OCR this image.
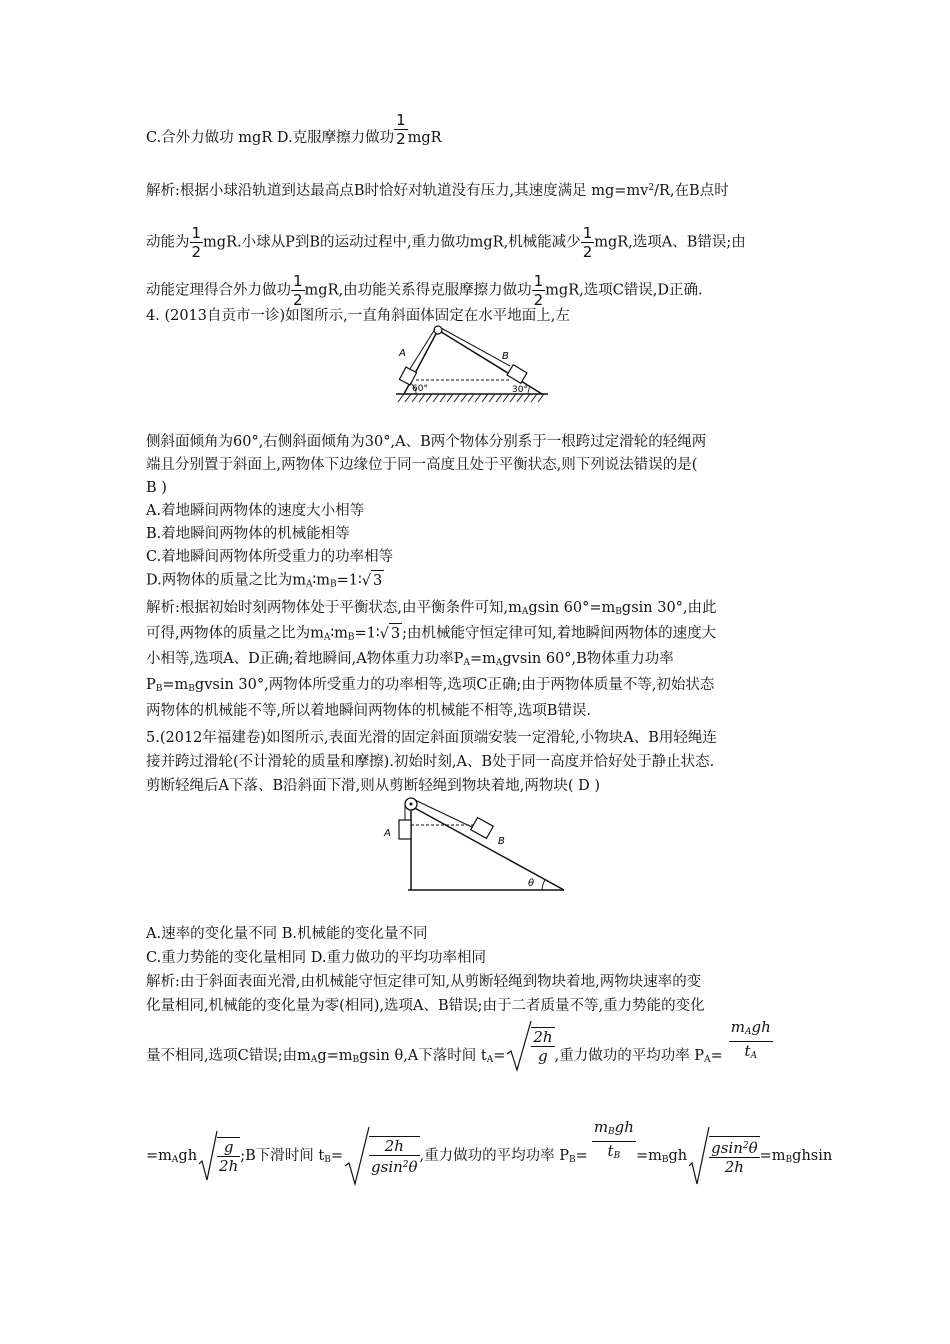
C.合外力做功 mgR D.克服摩擦力做功 $\frac{1}{2}$ mgR
解析:根据小球沿轨道到达最高点B时恰好对轨道没有压力,其速度满足 $mg=mv^2/R$,在B点时
动能为 $\frac{1}{2}$ mgR.小球从P到B的运动过程中,重力做功mgR,机械能减少 $\frac{1}{2}$ mgR,选项A、B错误;由
动能定理得合外力做功 $\frac{1}{2}$ mgR,由功能关系得克服摩擦力做功 $\frac{1}{2}$ mgR,选项C错误,D正确.
4. (2013自贡市一诊)如图所示,一直角斜面体固定在水平地面上,左
A	B
60°	30°
侧斜面倾角为60°,右侧斜面倾角为30°,A、B两个物体分别系于一根跨过定滑轮的轻绳两
端且分别置于斜面上,两物体下边缘位于同一高度且处于平衡状态,则下列说法错误的是(
B )
A.着地瞬间两物体的速度大小相等
B.着地瞬间两物体的机械能相等
C.着地瞬间两物体所受重力的功率相等
D.两物体的质量之比为$m_A∶m_B=1∶√$ 3
解析:根据初始时刻两物体处于平衡状态,由平衡条件可知$,m_Agsin$ $60^\circ=m_Bgsin$ 30°,由此
可得,两物体的质量之比为$m_A∶m_B=1∶√$ 3 ;由机械能守恒定律可知,着地瞬间两物体的速度大
小相等,选项A、D正确;着地瞬间,A物体重力功率$P_A=m_Agvsin$ 60°,B物体重力功率
$P_B=m_Bgvsin$ 30°,两物体所受重力的功率相等,选项C正确;由于两物体质量不等,初始状态
两物体的机械能不等,所以着地瞬间两物体的机械能不相等,选项B错误.
5.(2012年福建卷)如图所示,表面光滑的固定斜面顶端安装一定滑轮,小物块A、B用轻绳连
接并跨过滑轮(不计滑轮的质量和摩擦).初始时刻,A、B处于同一高度并恰好处于静止状态.
剪断轻绳后A下落、B沿斜面下滑,则从剪断轻绳到物块着地,两物块( D )
A
B
θ
A.速率的变化量不同 B.机械能的变化量不同
C.重力势能的变化量相同 D.重力做功的平均功率相同
解析:由于斜面表面光滑,由机械能守恒定律可知,从剪断轻绳到物块着地,两物块速率的变
化量相同,机械能的变化量为零(相同),选项A、B错误;由于二者质量不等,重力势能的变化
量不相同,选项C错误;由$m_Ag=m_Bgsin$ θ,A下落时间 $t_A= \frac{2h}{g}$ ,重力做功的平均功率 $P_A= \frac{m_Agh}{t_A}$
$=m_Agh \frac{g}{2h}$ ;B下滑时间 $t_B= \frac{2h}{gsin^2\theta}$ ,重力做功的平均功率 $P_B= \frac{m_Bgh}{t_B} =m_Bgh \frac{gsin^2\theta}{2h} =m_Bghsin$
